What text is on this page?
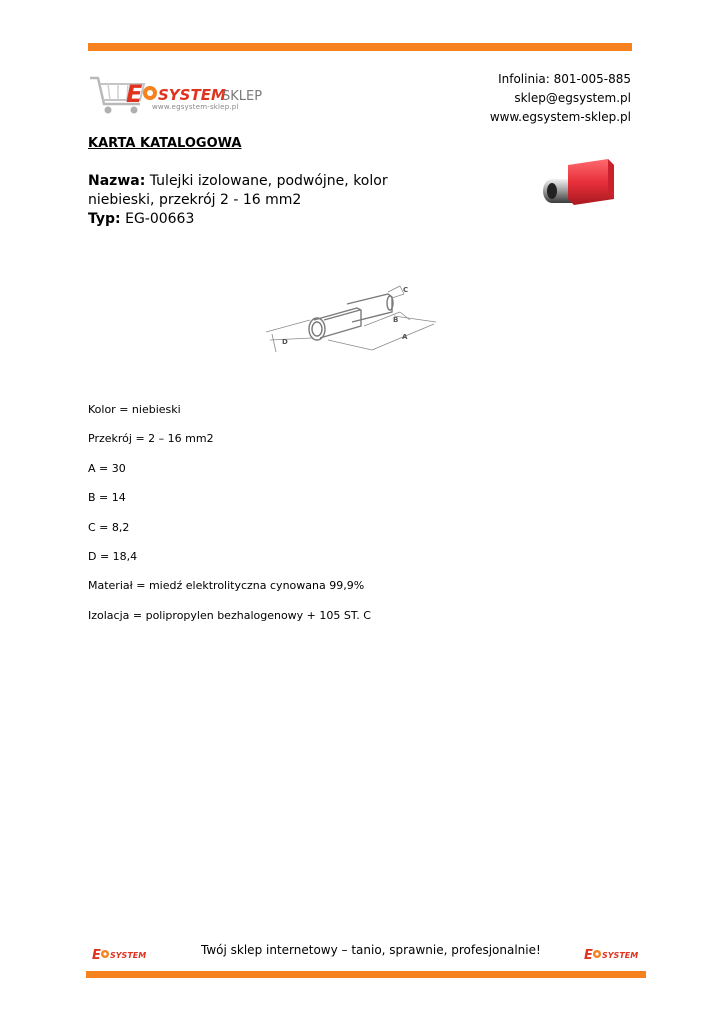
E SYSTEM
SKLEP
www.egsystem-sklep.pl
Infolinia: 801-005-885
sklep@egsystem.pl
www.egsystem-sklep.pl
KARTA KATALOGOWA
Nazwa: Tulejki izolowane, podwójne, kolor niebieski, przekrój 2 - 16 mm2
Typ: EG-00663
C
B
A
D
Kolor = niebieski
Przekrój = 2 – 16 mm2
A = 30
B = 14
C = 8,2
D = 18,4
Materiał = miedź elektrolityczna cynowana 99,9%
Izolacja = polipropylen bezhalogenowy + 105 ST. C
E SYSTEM	Twój sklep internetowy – tanio, sprawnie, profesjonalnie!	E SYSTEM
